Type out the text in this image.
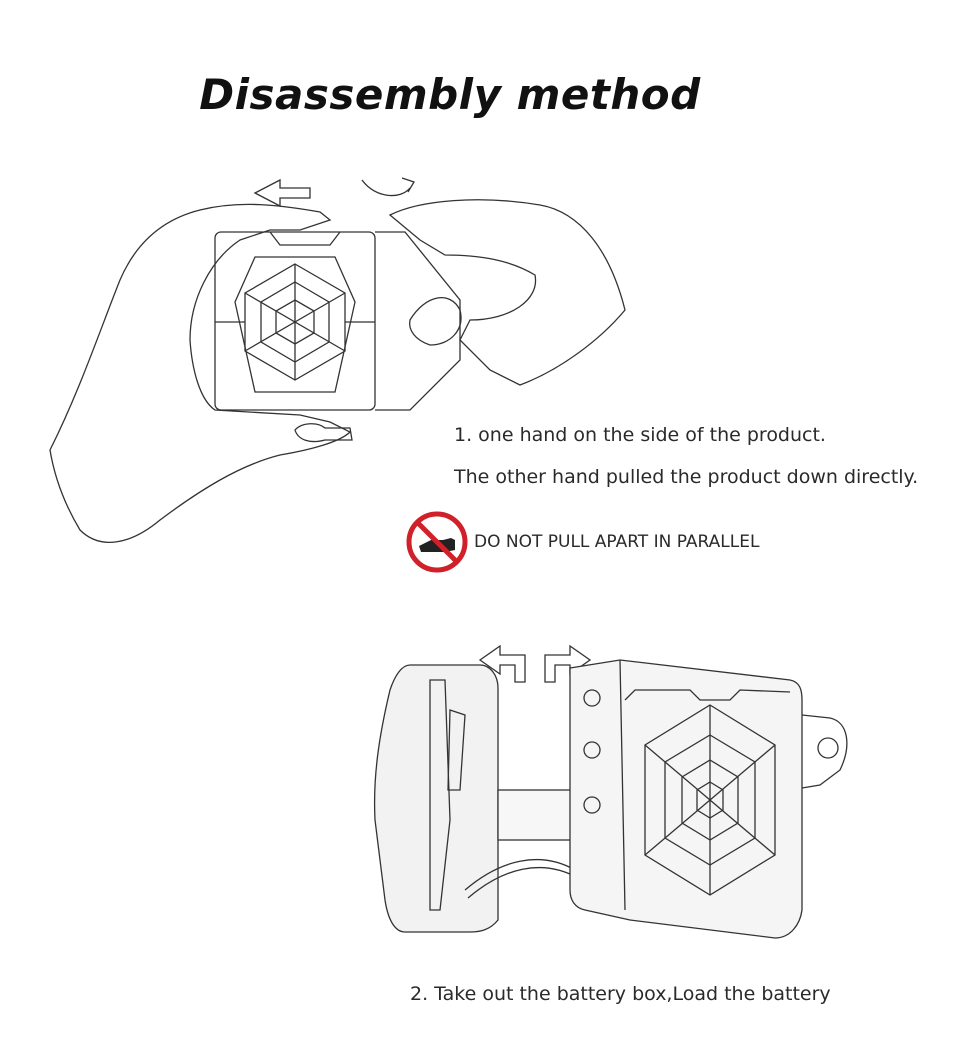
Disassembly method
1. one hand on the side of the product.
The other hand pulled the product down directly.
DO NOT PULL APART IN PARALLEL
2. Take out the battery box,Load the battery
